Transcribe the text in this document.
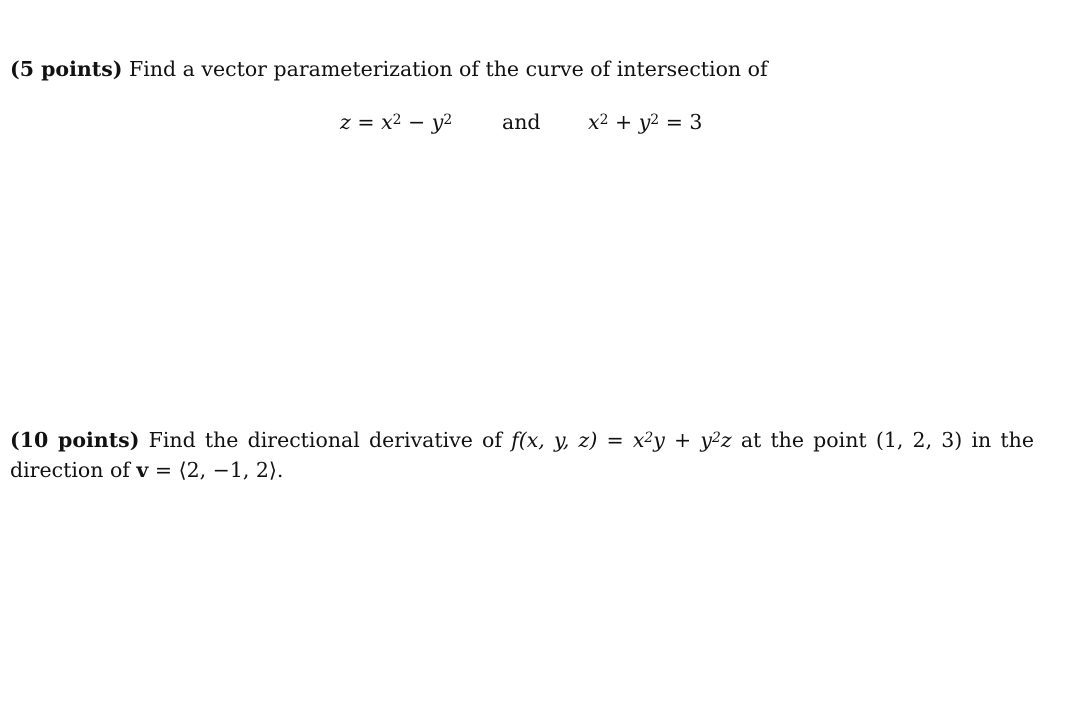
(5 points) Find a vector parameterization of the curve of intersection of
$z = x^2 - y^2$ and $x^2 + y^2 = 3$
(10 points) Find the directional derivative of f(x, y, $z) = x^2y + y^2z$ at the point (1, 2, 3) in the
direction of v = ⟨2, −1, 2⟩.
